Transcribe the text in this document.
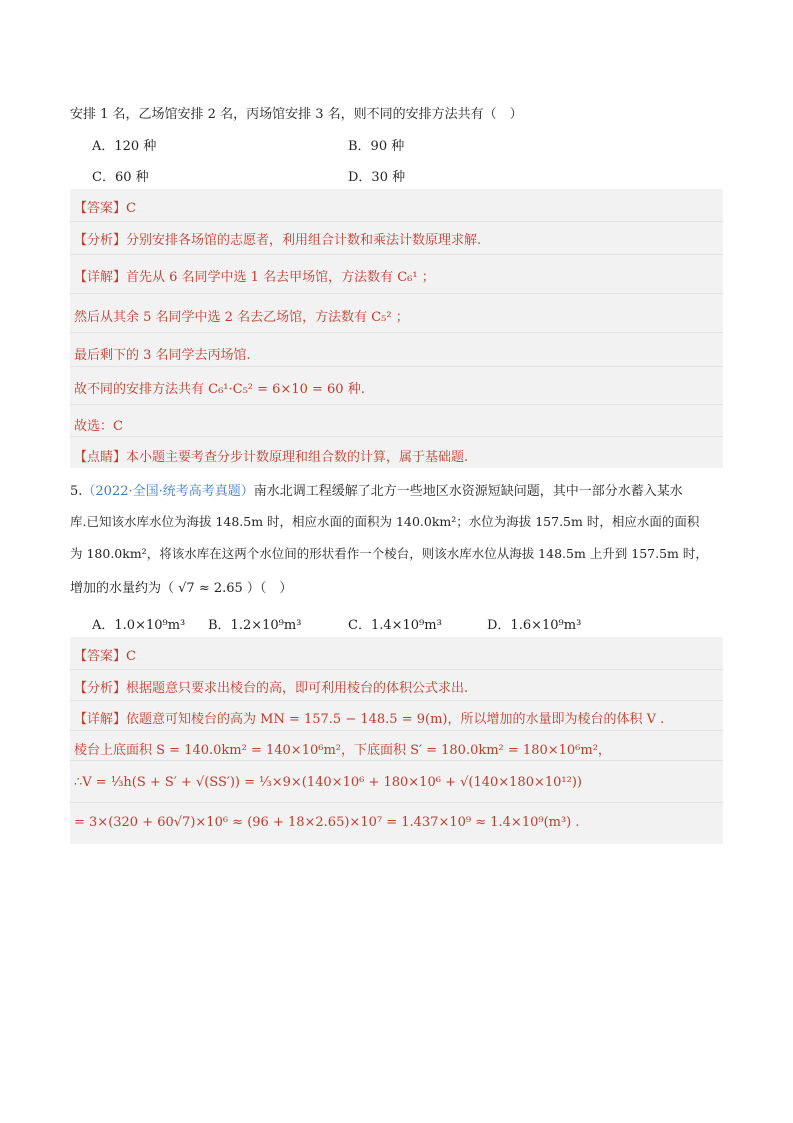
安排 1 名，乙场馆安排 2 名，丙场馆安排 3 名，则不同的安排方法共有（　）
A．120 种	B．90 种
C．60 种	D．30 种
【答案】C
【分析】分别安排各场馆的志愿者，利用组合计数和乘法计数原理求解.
【详解】首先从 6 名同学中选 1 名去甲场馆，方法数有 C₆¹ ；
然后从其余 5 名同学中选 2 名去乙场馆，方法数有 C₅² ；
最后剩下的 3 名同学去丙场馆.
故不同的安排方法共有 C₆¹·C₅² = 6×10 = 60 种.
故选：C
【点睛】本小题主要考查分步计数原理和组合数的计算，属于基础题.
5.（2022·全国·统考高考真题）南水北调工程缓解了北方一些地区水资源短缺问题，其中一部分水蓄入某水
库.已知该水库水位为海拔 148.5m 时，相应水面的面积为 140.0km²；水位为海拔 157.5m 时，相应水面的面积
为 180.0km²，将该水库在这两个水位间的形状看作一个棱台，则该水库水位从海拔 148.5m 上升到 157.5m 时，
增加的水量约为（ √7 ≈ 2.65 ）（　）
A．1.0×10⁹m³ B．1.2×10⁹m³	C．1.4×10⁹m³	D．1.6×10⁹m³
【答案】C
【分析】根据题意只要求出棱台的高，即可利用棱台的体积公式求出.
【详解】依题意可知棱台的高为 MN = 157.5 − 148.5 = 9(m)，所以增加的水量即为棱台的体积 V .
棱台上底面积 S = 140.0km² = 140×10⁶m²，下底面积 S′ = 180.0km² = 180×10⁶m²，
∴V = ⅓h(S + S′ + √(SS′)) = ⅓×9×(140×10⁶ + 180×10⁶ + √(140×180×10¹²))
= 3×(320 + 60√7)×10⁶ ≈ (96 + 18×2.65)×10⁷ = 1.437×10⁹ ≈ 1.4×10⁹(m³) .
